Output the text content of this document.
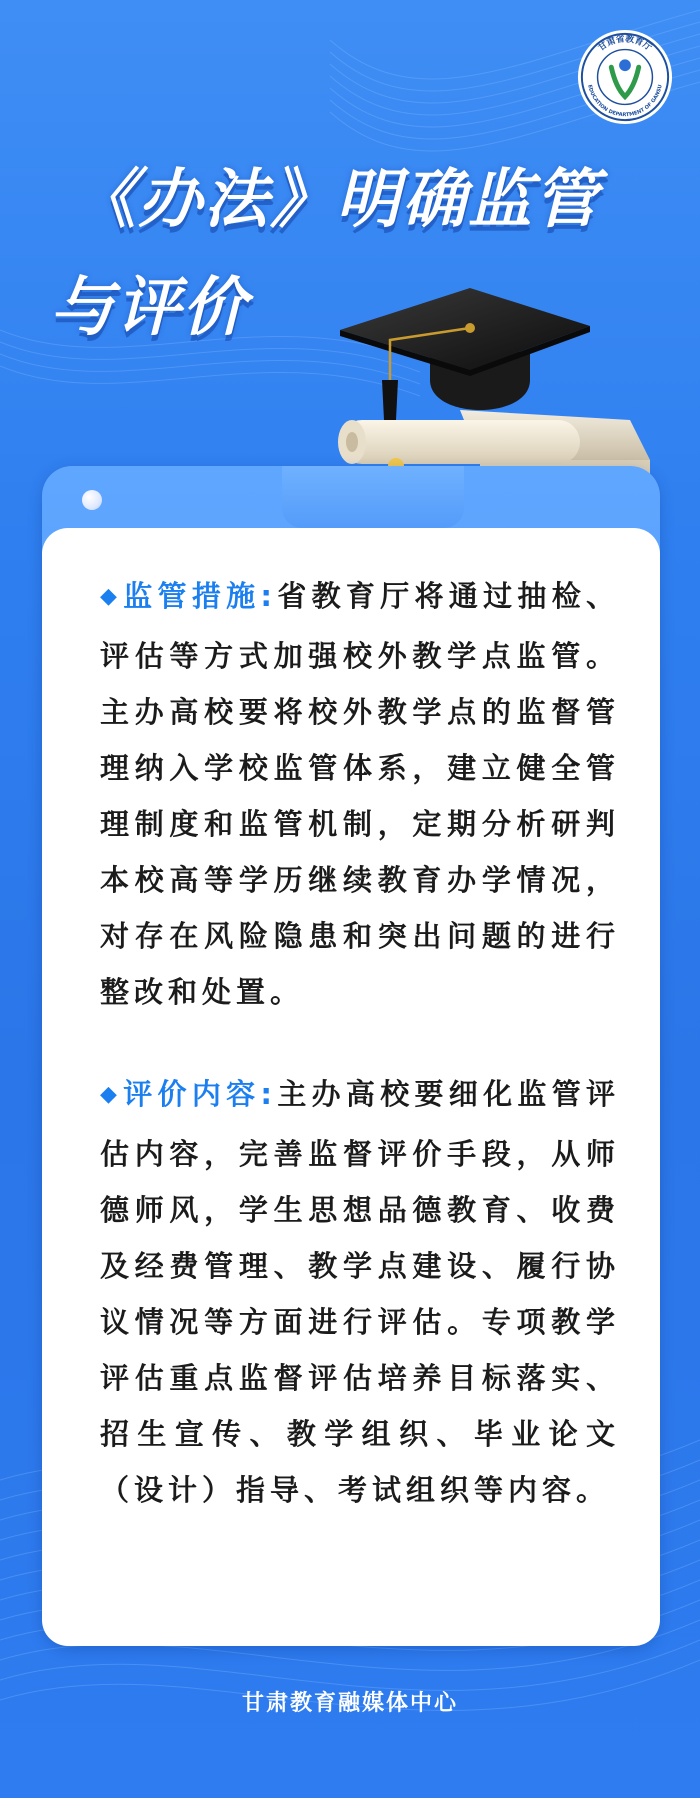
甘肃省教育厅
EDUCATION DEPARTMENT OF GANSU
《办法》明确监管
与评价
◆ 监管措施:省教育厅将通过抽检、评估等方式加强校外教学点监管。主办高校要将校外教学点的监督管理纳入学校监管体系，建立健全管理制度和监管机制，定期分析研判本校高等学历继续教育办学情况，对存在风险隐患和突出问题的进行整改和处置。
◆ 评价内容:主办高校要细化监管评估内容，完善监督评价手段，从师德师风，学生思想品德教育、收费及经费管理、教学点建设、履行协议情况等方面进行评估。专项教学评估重点监督评估培养目标落实、招生宣传、教学组织、毕业论文（设计）指导、考试组织等内容。
甘肃教育融媒体中心
